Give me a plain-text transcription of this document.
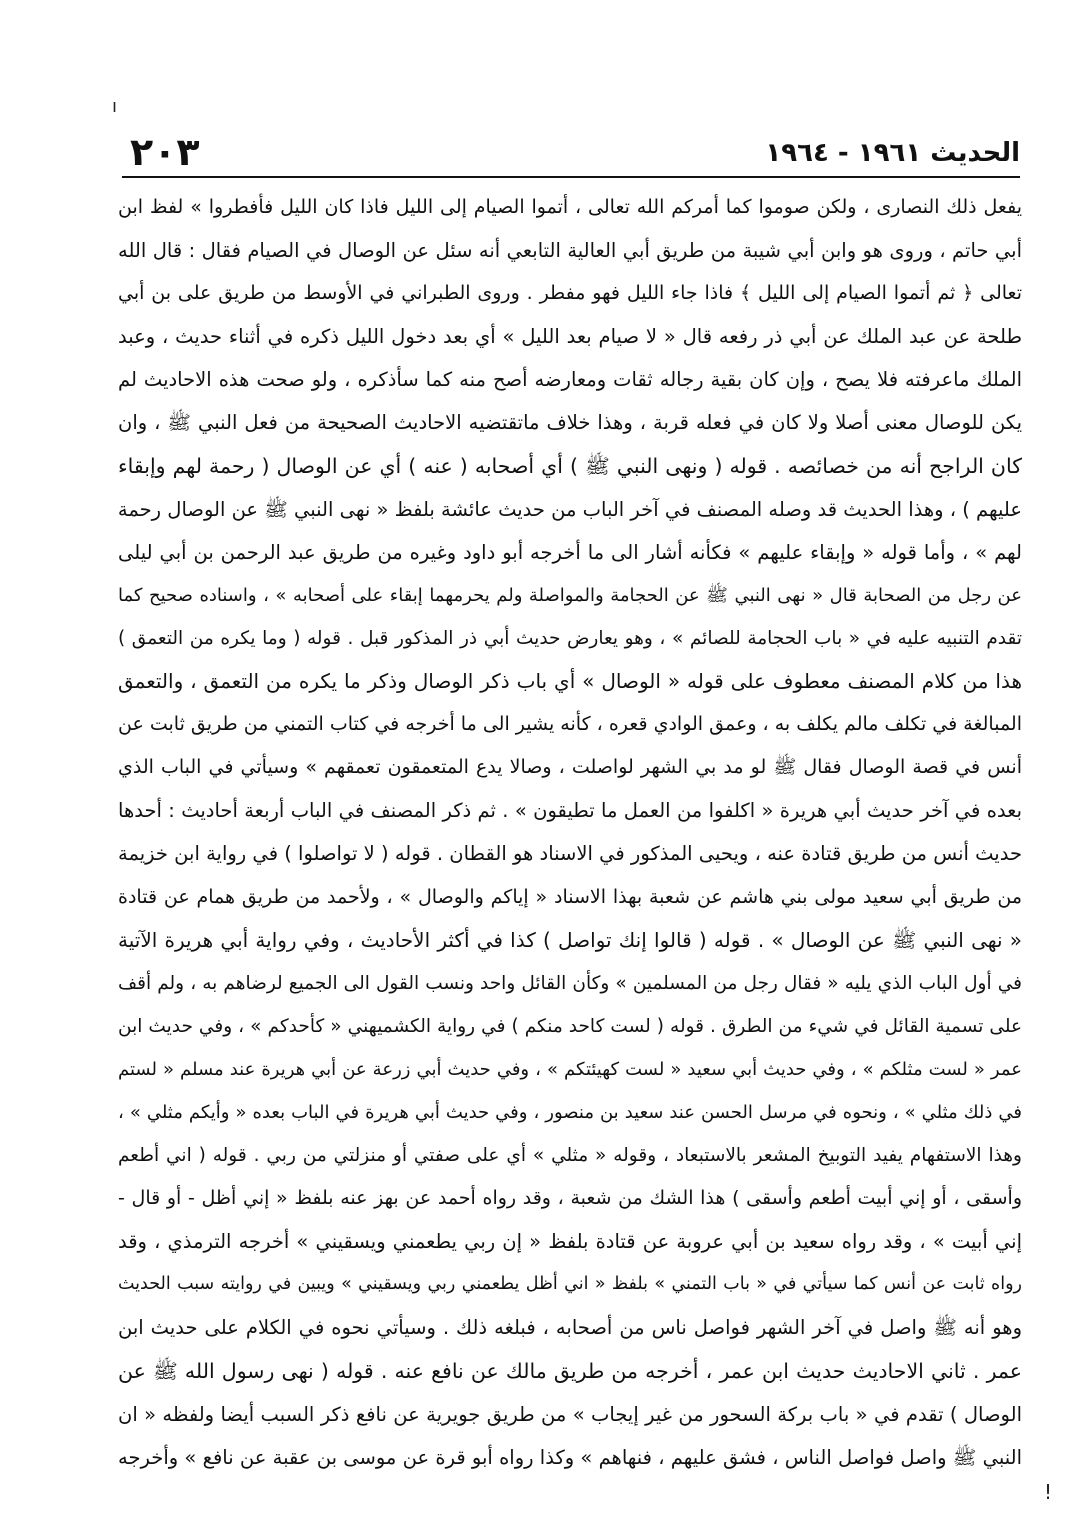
ı
٢٠٣	الحديث ١٩٦١ - ١٩٦٤
يفعل ذلك النصارى ، ولكن صوموا كما أمركم الله تعالى ، أتموا الصيام إلى الليل فاذا كان الليل فأفطروا » لفظ ابن
أبي حاتم ، وروى هو وابن أبي شيبة من طريق أبي العالية التابعي أنه سئل عن الوصال في الصيام فقال : قال الله
تعالى ﴿ ثم أتموا الصيام إلى الليل ﴾ فاذا جاء الليل فهو مفطر . وروى الطبراني في الأوسط من طريق على بن أبي
طلحة عن عبد الملك عن أبي ذر رفعه قال « لا صيام بعد الليل » أي بعد دخول الليل ذكره في أثناء حديث ، وعبد
الملك ماعرفته فلا يصح ، وإن كان بقية رجاله ثقات ومعارضه أصح منه كما سأذكره ، ولو صحت هذه الاحاديث لم
يكن للوصال معنى أصلا ولا كان في فعله قربة ، وهذا خلاف ماتقتضيه الاحاديث الصحيحة من فعل النبي ﷺ ، وان
كان الراجح أنه من خصائصه . قوله ( ونهى النبي ﷺ ) أي أصحابه ( عنه ) أي عن الوصال ( رحمة لهم وإبقاء
عليهم ) ، وهذا الحديث قد وصله المصنف في آخر الباب من حديث عائشة بلفظ « نهى النبي ﷺ عن الوصال رحمة
لهم » ، وأما قوله « وإبقاء عليهم » فكأنه أشار الى ما أخرجه أبو داود وغيره من طريق عبد الرحمن بن أبي ليلى
عن رجل من الصحابة قال « نهى النبي ﷺ عن الحجامة والمواصلة ولم يحرمهما إبقاء على أصحابه » ، واسناده صحيح كما
تقدم التنبيه عليه في « باب الحجامة للصائم » ، وهو يعارض حديث أبي ذر المذكور قبل . قوله ( وما يكره من التعمق )
هذا من كلام المصنف معطوف على قوله « الوصال » أي باب ذكر الوصال وذكر ما يكره من التعمق ، والتعمق
المبالغة في تكلف مالم يكلف به ، وعمق الوادي قعره ، كأنه يشير الى ما أخرجه في كتاب التمني من طريق ثابت عن
أنس في قصة الوصال فقال ﷺ لو مد بي الشهر لواصلت ، وصالا يدع المتعمقون تعمقهم » وسيأتي في الباب الذي
بعده في آخر حديث أبي هريرة « اكلفوا من العمل ما تطيقون » . ثم ذكر المصنف في الباب أربعة أحاديث : أحدها
حديث أنس من طريق قتادة عنه ، ويحيى المذكور في الاسناد هو القطان . قوله ( لا تواصلوا ) في رواية ابن خزيمة
من طريق أبي سعيد مولى بني هاشم عن شعبة بهذا الاسناد « إياكم والوصال » ، ولأحمد من طريق همام عن قتادة
« نهى النبي ﷺ عن الوصال » . قوله ( قالوا إنك تواصل ) كذا في أكثر الأحاديث ، وفي رواية أبي هريرة الآتية
في أول الباب الذي يليه « فقال رجل من المسلمين » وكأن القائل واحد ونسب القول الى الجميع لرضاهم به ، ولم أقف
على تسمية القائل في شيء من الطرق . قوله ( لست كاحد منكم ) في رواية الكشميهني « كأحدكم » ، وفي حديث ابن
عمر « لست مثلكم » ، وفي حديث أبي سعيد « لست كهيئتكم » ، وفي حديث أبي زرعة عن أبي هريرة عند مسلم « لستم
في ذلك مثلي » ، ونحوه في مرسل الحسن عند سعيد بن منصور ، وفي حديث أبي هريرة في الباب بعده « وأيكم مثلي » ،
وهذا الاستفهام يفيد التوبيخ المشعر بالاستبعاد ، وقوله « مثلي » أي على صفتي أو منزلتي من ربي . قوله ( اني أطعم
وأسقى ، أو إني أبيت أطعم وأسقى ) هذا الشك من شعبة ، وقد رواه أحمد عن بهز عنه بلفظ « إني أظل - أو قال -
إني أبيت » ، وقد رواه سعيد بن أبي عروبة عن قتادة بلفظ « إن ربي يطعمني ويسقيني » أخرجه الترمذي ، وقد
رواه ثابت عن أنس كما سيأتي في « باب التمني » بلفظ « اني أظل يطعمني ربي ويسقيني » ويبين في روايته سبب الحديث
وهو أنه ﷺ واصل في آخر الشهر فواصل ناس من أصحابه ، فبلغه ذلك . وسيأتي نحوه في الكلام على حديث ابن
عمر . ثاني الاحاديث حديث ابن عمر ، أخرجه من طريق مالك عن نافع عنه . قوله ( نهى رسول الله ﷺ عن
الوصال ) تقدم في « باب بركة السحور من غير إيجاب » من طريق جويرية عن نافع ذكر السبب أيضا ولفظه « ان
النبي ﷺ واصل فواصل الناس ، فشق عليهم ، فنهاهم » وكذا رواه أبو قرة عن موسى بن عقبة عن نافع » وأخرجه
!
